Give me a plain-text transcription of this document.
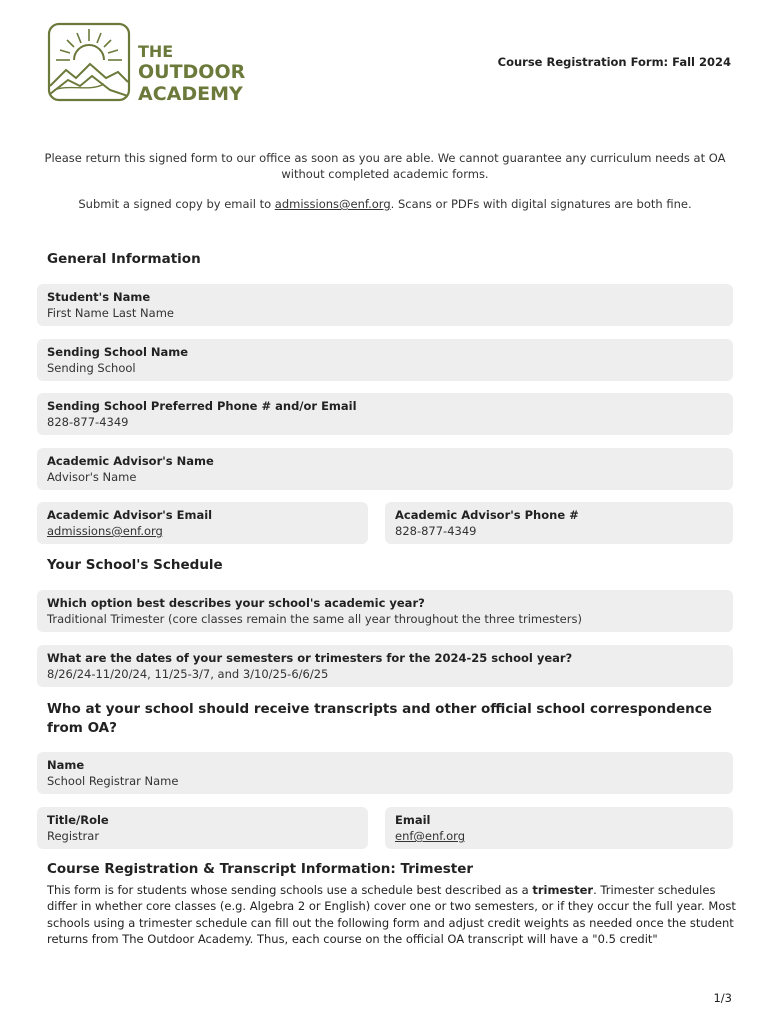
THE
OUTDOOR
ACADEMY
Course Registration Form: Fall 2024
Please return this signed form to our office as soon as you are able. We cannot guarantee any curriculum needs at OA without completed academic forms.
Submit a signed copy by email to admissions@enf.org. Scans or PDFs with digital signatures are both fine.
General Information
Student's Name
First Name Last Name
Sending School Name
Sending School
Sending School Preferred Phone # and/or Email
828-877-4349
Academic Advisor's Name
Advisor's Name
Academic Advisor's Email
admissions@enf.org
Academic Advisor's Phone #
828-877-4349
Your School's Schedule
Which option best describes your school's academic year?
Traditional Trimester (core classes remain the same all year throughout the three trimesters)
What are the dates of your semesters or trimesters for the 2024-25 school year?
8/26/24-11/20/24, 11/25-3/7, and 3/10/25-6/6/25
Who at your school should receive transcripts and other official school correspondence from OA?
Name
School Registrar Name
Title/Role
Registrar
Email
enf@enf.org
Course Registration & Transcript Information: Trimester
This form is for students whose sending schools use a schedule best described as a trimester. Trimester schedules differ in whether core classes (e.g. Algebra 2 or English) cover one or two semesters, or if they occur the full year. Most schools using a trimester schedule can fill out the following form and adjust credit weights as needed once the student returns from The Outdoor Academy. Thus, each course on the official OA transcript will have a "0.5 credit"
1/3
